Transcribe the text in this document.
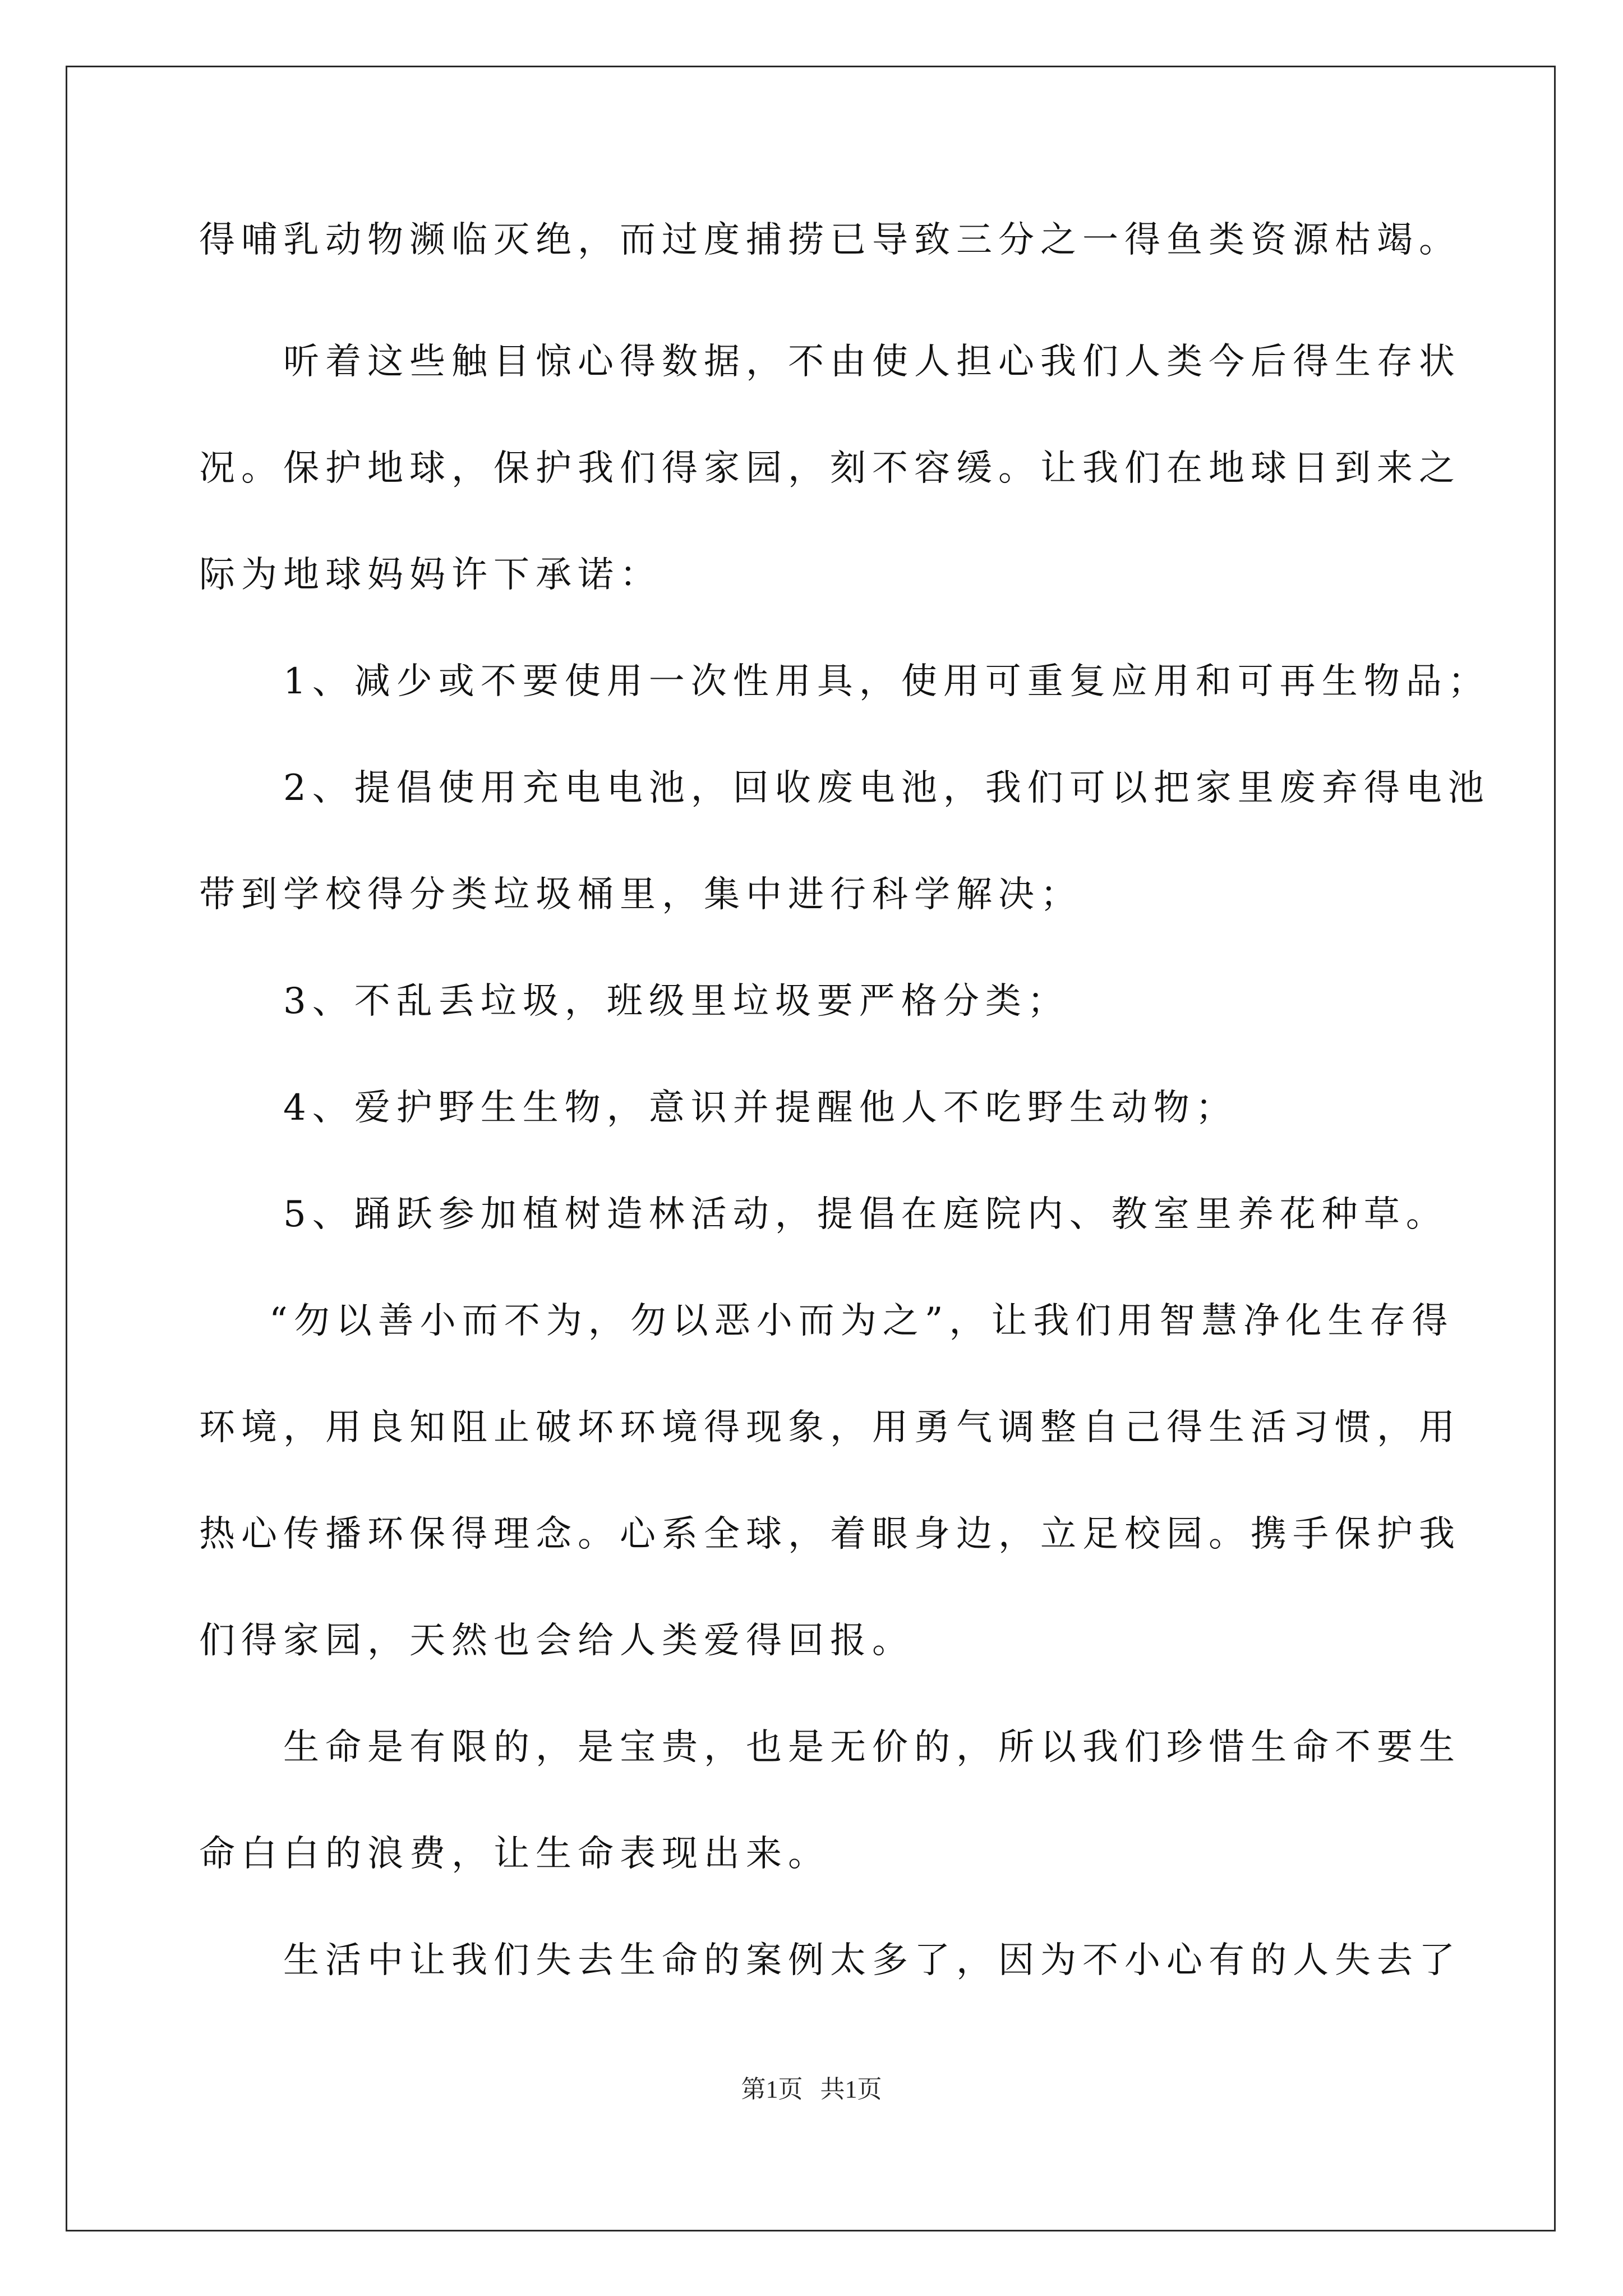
得哺乳动物濒临灭绝，而过度捕捞已导致三分之一得鱼类资源枯竭。

听着这些触目惊心得数据，不由使人担心我们人类今后得生存状

况。保护地球，保护我们得家园，刻不容缓。让我们在地球日到来之

际为地球妈妈许下承诺：

1、减少或不要使用一次性用具，使用可重复应用和可再生物品；

2、提倡使用充电电池，回收废电池，我们可以把家里废弃得电池

带到学校得分类垃圾桶里，集中进行科学解决；

3、不乱丢垃圾，班级里垃圾要严格分类；

4、爱护野生生物，意识并提醒他人不吃野生动物；

5、踊跃参加植树造林活动，提倡在庭院内、教室里养花种草。

“勿以善小而不为，勿以恶小而为之”，让我们用智慧净化生存得

环境，用良知阻止破坏环境得现象，用勇气调整自己得生活习惯，用

热心传播环保得理念。心系全球，着眼身边，立足校园。携手保护我

们得家园，天然也会给人类爱得回报。

生命是有限的，是宝贵，也是无价的，所以我们珍惜生命不要生

命白白的浪费，让生命表现出来。

生活中让我们失去生命的案例太多了，因为不小心有的人失去了

第1页 共1页
